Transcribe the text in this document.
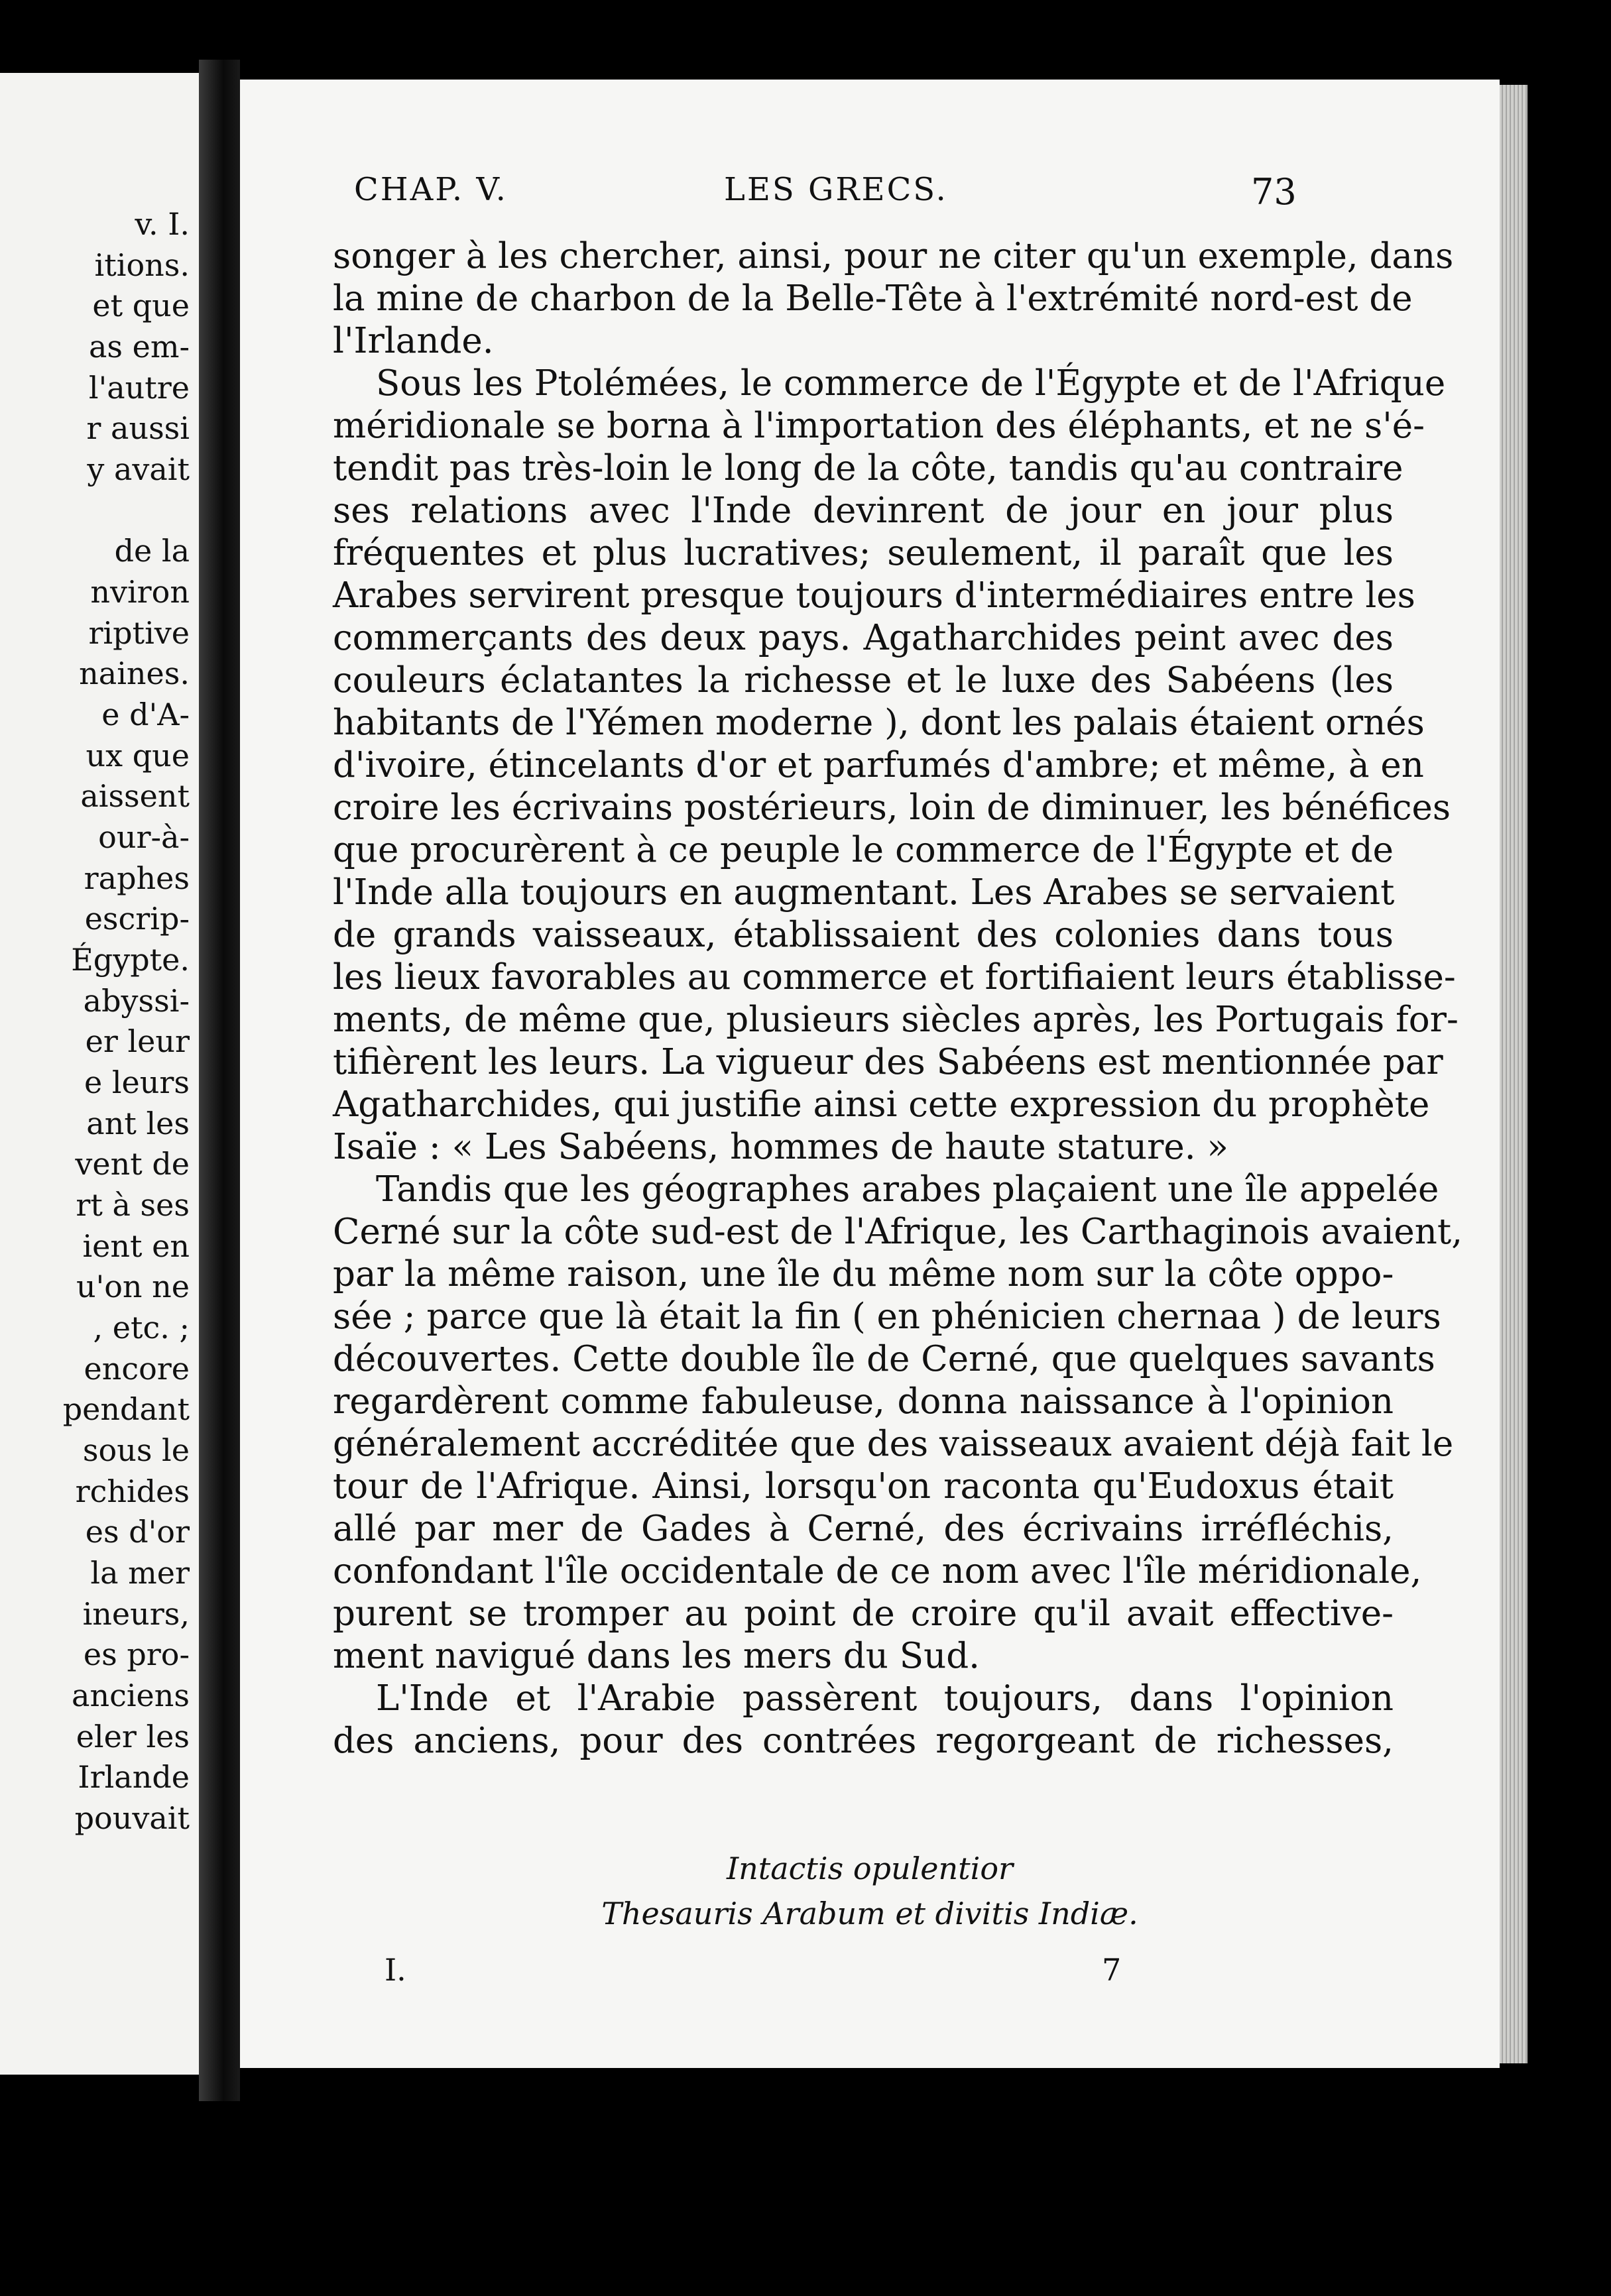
v. I.
itions.
et que
as em-
l'autre
r aussi
y avait
de la
nviron
riptive
naines.
e d'A-
ux que
aissent
our-à-
raphes
escrip-
Égypte.
abyssi-
er leur
e leurs
ant les
vent de
rt à ses
ient en
u'on ne
, etc. ;
encore
pendant
sous le
rchides
es d'or
la mer
ineurs,
es pro-
anciens
eler les
Irlande
pouvait
CHAP. V.	LES GRECS.	73
songer à les chercher, ainsi, pour ne citer qu'un exemple, dans
la mine de charbon de la Belle-Tête à l'extrémité nord-est de
l'Irlande.
Sous les Ptolémées, le commerce de l'Égypte et de l'Afrique
méridionale se borna à l'importation des éléphants, et ne s'é-
tendit pas très-loin le long de la côte, tandis qu'au contraire
ses relations avec l'Inde devinrent de jour en jour plus
fréquentes et plus lucratives; seulement, il paraît que les
Arabes servirent presque toujours d'intermédiaires entre les
commerçants des deux pays. Agatharchides peint avec des
couleurs éclatantes la richesse et le luxe des Sabéens (les
habitants de l'Yémen moderne ), dont les palais étaient ornés
d'ivoire, étincelants d'or et parfumés d'ambre; et même, à en
croire les écrivains postérieurs, loin de diminuer, les bénéfices
que procurèrent à ce peuple le commerce de l'Égypte et de
l'Inde alla toujours en augmentant. Les Arabes se servaient
de grands vaisseaux, établissaient des colonies dans tous
les lieux favorables au commerce et fortifiaient leurs établisse-
ments, de même que, plusieurs siècles après, les Portugais for-
tifièrent les leurs. La vigueur des Sabéens est mentionnée par
Agatharchides, qui justifie ainsi cette expression du prophète
Isaïe : « Les Sabéens, hommes de haute stature. »
Tandis que les géographes arabes plaçaient une île appelée
Cerné sur la côte sud-est de l'Afrique, les Carthaginois avaient,
par la même raison, une île du même nom sur la côte oppo-
sée ; parce que là était la fin ( en phénicien chernaa ) de leurs
découvertes. Cette double île de Cerné, que quelques savants
regardèrent comme fabuleuse, donna naissance à l'opinion
généralement accréditée que des vaisseaux avaient déjà fait le
tour de l'Afrique. Ainsi, lorsqu'on raconta qu'Eudoxus était
allé par mer de Gades à Cerné, des écrivains irréfléchis,
confondant l'île occidentale de ce nom avec l'île méridionale,
purent se tromper au point de croire qu'il avait effective-
ment navigué dans les mers du Sud.
L'Inde et l'Arabie passèrent toujours, dans l'opinion
des anciens, pour des contrées regorgeant de richesses,
Intactis opulentior
Thesauris Arabum et divitis Indiæ.
I.	7
